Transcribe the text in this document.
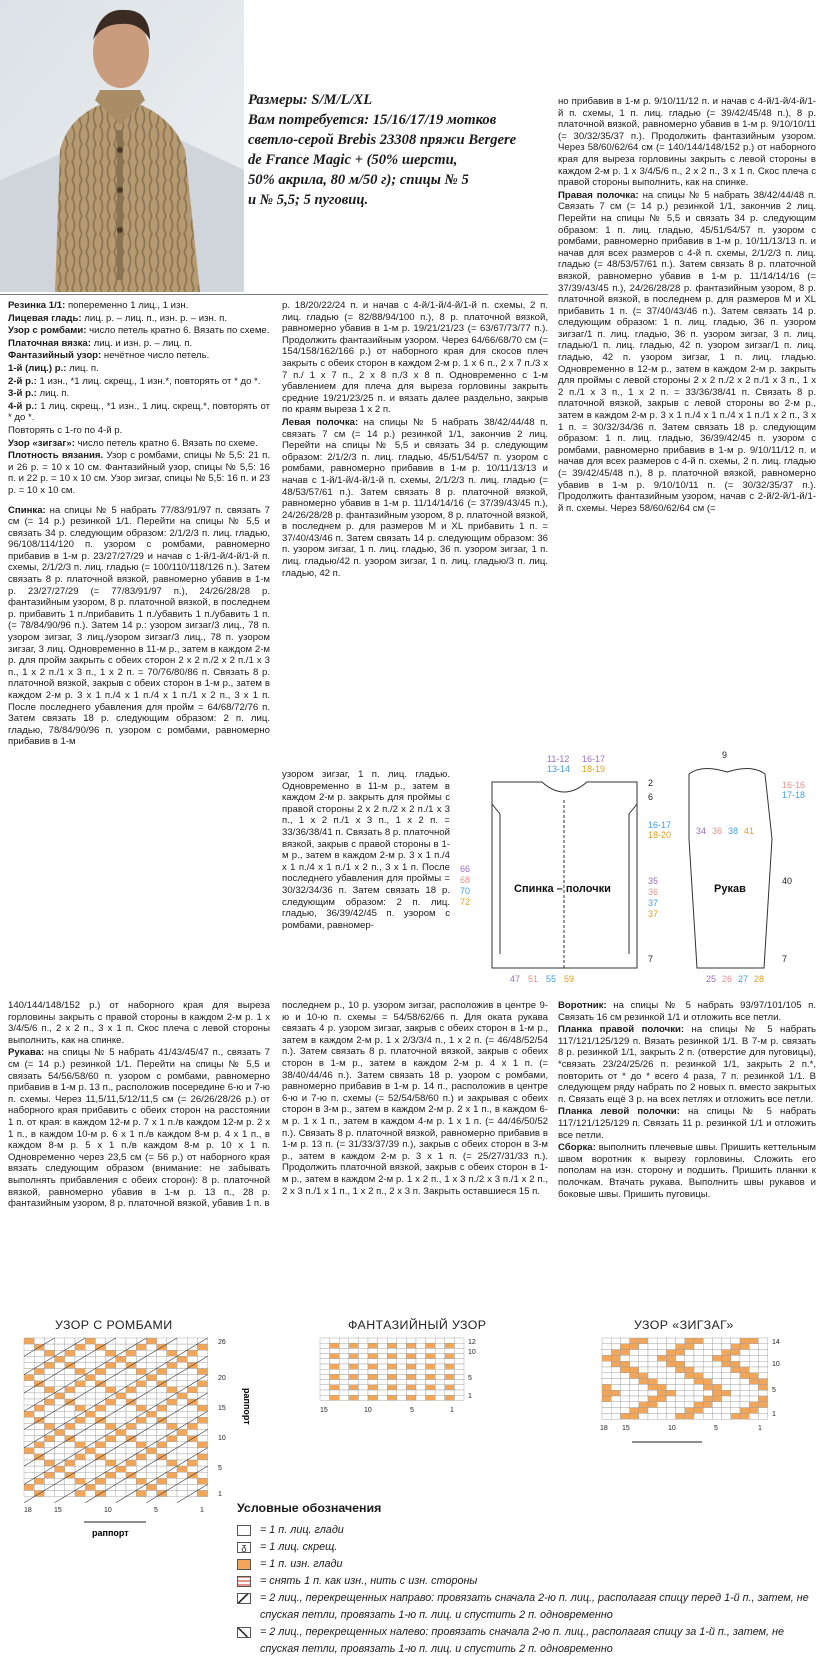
Размеры: S/M/L/XL
Вам потребуется: 15/16/17/19 мотков
светло-серой Brebis 23308 пряжи Bergere
de France Magic + (50% шерсти,
50% акрила, 80 м/50 г); спицы № 5
и № 5,5; 5 пуговиц.

Резинка 1/1: попеременно 1 лиц., 1 изн.

Лицевая гладь: лиц. р. – лиц. п., изн. р. – изн. п.

Узор с ромбами: число петель кратно 6. Вязать по схеме.

Платочная вязка: лиц. и изн. р. – лиц. п.

Фантазийный узор: нечётное число петель.

1-й (лиц.) р.: лиц. п.

2-й р.: 1 изн., *1 лиц. скрещ., 1 изн.*, повторять от * до *.

3-й р.: лиц. п.

4-й р.: 1 лиц. скрещ., *1 изн., 1 лиц. скрещ.*, повторять от * до *.

Повторять с 1-го по 4-й р.

Узор «зигзаг»: число петель кратно 6. Вязать по схеме.

Плотность вязания. Узор с ромбами, спицы № 5,5: 21 п. и 26 р. = 10 х 10 см. Фантазийный узор, спицы № 5,5: 16 п. и 22 р. = 10 х 10 см. Узор зигзаг, спицы № 5,5: 16 п. и 23 р. = 10 х 10 см.

Спинка: на спицы № 5 набрать 77/83/91/97 п. связать 7 см (= 14 р.) резинкой 1/1. Перейти на спицы № 5,5 и связать 34 р. следующим образом: 2/1/2/3 п. лиц. гладью, 96/108/114/120 п. узором с ромбами, равномерно прибавив в 1-м р. 23/27/27/29 и начав с 1-й/1-й/4-й/1-й п. схемы, 2/1/2/3 п. лиц. гладью (= 100/110/118/126 п.). Затем связать 8 р. платочной вязкой, равномерно убавив в 1-м р. 23/27/27/29 (= 77/83/91/97 п.), 24/26/28/28 р. фантазийным узором, 8 р. платочной вязкой, в последнем р. прибавить 1 п./прибавить 1 п./убавить 1 п./убавить 1 п. (= 78/84/90/96 п.). Затем 14 р.: узором зигзаг/3 лиц., 78 п. узором зигзаг, 3 лиц./узором зигзаг/3 лиц., 78 п. узором зигзаг, 3 лиц. Одновременно в 11-м р., затем в каждом 2-м р. для пройм закрыть с обеих сторон 2 х 2 п./2 х 2 п./1 х 3 п., 1 х 2 п./1 х 3 п., 1 х 2 п. = 70/76/80/86 п. Связать 8 р. платочной вязкой, закрыв с обеих сторон в 1-м р., затем в каждом 2-м р. 3 х 1 п./4 х 1 п./4 х 1 п./1 х 2 п., 3 х 1 п. После последнего убавления для пройм = 64/68/72/76 п. Затем связать 18 р. следующим образом: 2 п. лиц. гладью, 78/84/90/96 п. узором с ромбами, равномерно прибавив в 1-м

р. 18/20/22/24 п. и начав с 4-й/1-й/4-й/1-й п. схемы, 2 п. лиц. гладью (= 82/88/94/100 п.), 8 р. платочной вязкой, равномерно убавив в 1-м р. 19/21/21/23 (= 63/67/73/77 п.). Продолжить фантазийным узором. Через 64/66/68/70 см (= 154/158/162/166 р.) от наборного края для скосов плеч закрыть с обеих сторон в каждом 2-м р. 1 х 6 п., 2 х 7 п./3 х 7 п./ 1 х 7 п., 2 х 8 п./3 х 8 п. Одновременно с 1-м убавлением для плеча для выреза горловины закрыть средние 19/21/23/25 п. и вязать далее раздельно, закрыв по краям выреза 1 х 2 п.

Левая полочка: на спицы № 5 набрать 38/42/44/48 п. связать 7 см (= 14 р.) резинкой 1/1, закончив 2 лиц. Перейти на спицы № 5,5 и связать 34 р. следующим образом: 2/1/2/3 п. лиц. гладью, 45/51/54/57 п. узором с ромбами, равномерно прибавив в 1-м р. 10/11/13/13 и начав с 1-й/1-й/4-й/1-й п. схемы, 2/1/2/3 п. лиц. гладью (= 48/53/57/61 п.). Затем связать 8 р. платочной вязкой, равномерно убавив в 1-м р. 11/14/14/16 (= 37/39/43/45 п.), 24/26/28/28 р. фантазийным узором, 8 р. платочной вязкой, в последнем р. для размеров M и XL прибавить 1 п. = 37/40/43/46 п. Затем связать 14 р. следующим образом: 36 п. узором зигзаг, 1 п. лиц. гладью, 36 п. узором зигзаг, 1 п. лиц. гладью/42 п. узором зигзаг, 1 п. лиц. гладью/3 п. лиц. гладью, 42 п.

узором зигзаг, 1 п. лиц. гладью. Одновременно в 11-м р., затем в каждом 2-м р. закрыть для проймы с правой стороны 2 х 2 п./2 х 2 п./1 х 3 п., 1 х 2 п./1 х 3 п., 1 х 2 п. = 33/36/38/41 п. Связать 8 р. платочной вязкой, закрыв с правой стороны в 1-м р., затем в каждом 2-м р. 3 х 1 п./4 х 1 п./4 х 1 п./1 х 2 п., 3 х 1 п. После последнего убавления для проймы = 30/32/34/36 п. Затем связать 18 р. следующим образом: 2 п. лиц. гладью, 36/39/42/45 п. узором с ромбами, равномер-

но прибавив в 1-м р. 9/10/11/12 п. и начав с 4-й/1-й/4-й/1-й п. схемы, 1 п. лиц. гладью (= 39/42/45/48 п.), 8 р. платочной вязкой, равномерно убавив в 1-м р. 9/10/10/11 (= 30/32/35/37 п.). Продолжить фантазийным узором. Через 58/60/62/64 см (= 140/144/148/152 р.) от наборного края для выреза горловины закрыть с левой стороны в каждом 2-м р. 1 х 3/4/5/6 п., 2 х 2 п., 3 х 1 п. Скос плеча с правой стороны выполнить, как на спинке.

Правая полочка: на спицы № 5 набрать 38/42/44/48 п. Связать 7 см (= 14 р.) резинкой 1/1, закончив 2 лиц. Перейти на спицы № 5,5 и связать 34 р. следующим образом: 1 п. лиц. гладью, 45/51/54/57 п. узором с ромбами, равномерно прибавив в 1-м р. 10/11/13/13 п. и начав для всех размеров с 4-й п. схемы, 2/1/2/3 п. лиц. гладью (= 48/53/57/61 п.). Затем связать 8 р. платочной вязкой, равномерно убавив в 1-м р. 11/14/14/16 (= 37/39/43/45 п.), 24/26/28/28 р. фантазийным узором, 8 р. платочной вязкой, в последнем р. для размеров M и XL прибавить 1 п. (= 37/40/43/46 п.). Затем связать 14 р. следующим образом: 1 п. лиц. гладью, 36 п. узором зигзаг/1 п. лиц. гладью, 36 п. узором зигзаг, 3 п. лиц. гладью/1 п. лиц. гладью, 42 п. узором зигзаг/1 п. лиц. гладью, 42 п. узором зигзаг, 1 п. лиц. гладью. Одновременно в 12-м р., затем в каждом 2-м р. закрыть для проймы с левой стороны 2 х 2 п./2 х 2 п./1 х 3 п., 1 х 2 п./1 х 3 п., 1 х 2 п. = 33/36/38/41 п. Связать 8 р. платочной вязкой, закрыв с левой стороны во 2-м р., затем в каждом 2-м р. 3 х 1 п./4 х 1 п./4 х 1 п./1 х 2 п., 3 х 1 п. = 30/32/34/36 п. Затем связать 18 р. следующим образом: 1 п. лиц. гладью, 36/39/42/45 п. узором с ромбами, равномерно прибавив в 1-м р. 9/10/11/12 п. и начав для всех размеров с 4-й п. схемы, 2 п. лиц. гладью (= 39/42/45/48 п.), 8 р. платочной вязкой, равномерно убавив в 1-м р. 9/10/10/11 п. (= 30/32/35/37 п.). Продолжить фантазийным узором, начав с 2-й/2-й/1-й/1-й п. схемы. Через 58/60/62/64 см (=

11-12
13-14
16-17
18-19
2
6
16-17
18-20
35
36
37
37
7
66
68
70
72
Спинка – полочки
47 51 55 59
9
16-16
17-18
34 36 38 41
40
7
Рукав
25 26 27 28

140/144/148/152 р.) от наборного края для выреза горловины закрыть с правой стороны в каждом 2-м р. 1 х 3/4/5/6 п., 2 х 2 п., 3 х 1 п. Скос плеча с левой стороны выполнить, как на спинке.

Рукава: на спицы № 5 набрать 41/43/45/47 п., связать 7 см (= 14 р.) резинкой 1/1. Перейти на спицы № 5,5 и связать 54/56/58/60 п. узором с ромбами, равномерно прибавив в 1-м р. 13 п., расположив посередине 6-ю и 7-ю п. схемы. Через 11,5/11,5/12/11,5 см (= 26/26/28/26 р.) от наборного края прибавить с обеих сторон на расстоянии 1 п. от края: в каждом 12-м р. 7 х 1 п./в каждом 12-м р. 2 х 1 п., в каждом 10-м р. 6 х 1 п./в каждом 8-м р. 4 х 1 п., в каждом 8-м р. 5 х 1 п./в каждом 8-м р. 10 х 1 п. Одновременно через 23,5 см (= 56 р.) от наборного края вязать следующим образом (внимание: не забывать выполнять прибавления с обеих сторон): 8 р. платочной вязкой, равномерно убавив в 1-м р. 13 п., 28 р. фантазийным узором, 8 р. платочной вязкой, убавив 1 п. в

последнем р., 10 р. узором зигзаг, расположив в центре 9-ю и 10-ю п. схемы = 54/58/62/66 п. Для оката рукава связать 4 р. узором зигзаг, закрыв с обеих сторон в 1-м р., затем в каждом 2-м р. 1 х 2/3/3/4 п., 1 х 2 п. (= 46/48/52/54 п.). Затем связать 8 р. платочной вязкой, закрыв с обеих сторон в 1-м р., затем в каждом 2-м р. 4 х 1 п. (= 38/40/44/46 п.). Затем связать 18 р. узором с ромбами, равномерно прибавив в 1-м р. 14 п., расположив в центре 6-ю и 7-ю п. схемы (= 52/54/58/60 п.) и закрывая с обеих сторон в 3-м р., затем в каждом 2-м р. 2 х 1 п., в каждом 6-м р. 1 х 1 п., затем в каждом 4-м р. 1 х 1 п. (= 44/46/50/52 п.). Связать 8 р. платочной вязкой, равномерно прибавив в 1-м р. 13 п. (= 31/33/37/39 п.), закрыв с обеих сторон в 3-м р., затем в каждом 2-м р. 3 х 1 п. (= 25/27/31/33 п.). Продолжить платочной вязкой, закрыв с обеих сторон в 1-м р., затем в каждом 2-м р. 1 х 2 п., 1 х 3 п./2 х 3 п./1 х 2 п., 2 х 3 п./1 х 1 п., 1 х 2 п., 2 х 3 п. Закрыть оставшиеся 15 п.

Воротник: на спицы № 5 набрать 93/97/101/105 п. Связать 16 см резинкой 1/1 и отложить все петли.

Планка правой полочки: на спицы № 5 набрать 117/121/125/129 п. Вязать резинкой 1/1. В 7-м р. связать 8 р. резинкой 1/1, закрыть 2 п. (отверстие для пуговицы), *связать 23/24/25/26 п. резинкой 1/1, закрыть 2 п.*, повторить от * до * всего 4 раза, 7 п. резинкой 1/1. В следующем ряду набрать по 2 новых п. вместо закрытых п. Связать ещё 3 р. на всех петлях и отложить все петли.

Планка левой полочки: на спицы № 5 набрать 117/121/125/129 п. Связать 11 р. резинкой 1/1 и отложить все петли.

Сборка: выполнить плечевые швы. Пришить кеттельным швом воротник к вырезу горловины. Сложить его пополам на изн. сторону и подшить. Пришить планки к полочкам. Втачать рукава. Выполнить швы рукавов и боковые швы. Пришить пуговицы.

УЗОР С РОМБАМИ	ФАНТАЗИЙНЫЙ УЗОР	УЗОР «ЗИГЗАГ»
26
20
15
10
5
1
раппорт
18	15	10	5	1
раппорт
12
10
5
1
15	10	5	1
14
10
5
1
18 15	10	5	1
Условные обозначения
= 1 п. лиц. глади
ᵹ	= 1 лиц. скрещ.
= 1 п. изн. глади
= снять 1 п. как изн., нить с изн. стороны
= 2 лиц., перекрещенных направо: провязать сначала 2-ю п. лиц., располагая спицу перед 1-й п., затем, не спуская петли, провязать 1-ю п. лиц. и спустить 2 п. одновременно
= 2 лиц., перекрещенных налево: провязать сначала 2-ю п. лиц., располагая спицу за 1-й п., затем, не спуская петли, провязать 1-ю п. лиц. и спустить 2 п. одновременно
